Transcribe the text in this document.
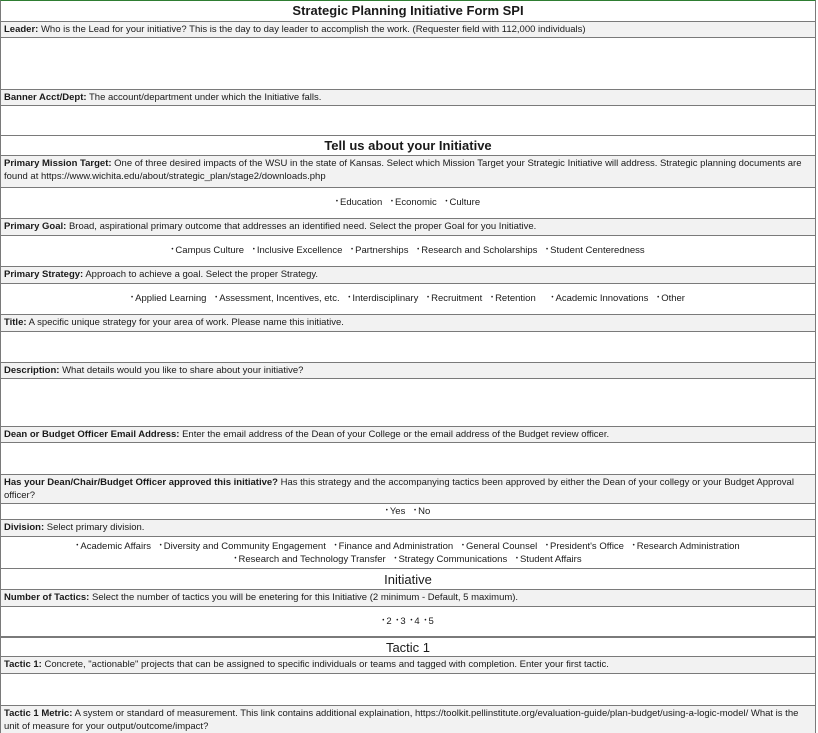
Strategic Planning Initiative Form SPI
Leader: Who is the Lead for your initiative? This is the day to day leader to accomplish the work. (Requester field with 112,000 individuals)
Banner Acct/Dept: The account/department under which the Initiative falls.
Tell us about your Initiative
Primary Mission Target: One of three desired impacts of the WSU in the state of Kansas. Select which Mission Target your Strategic Initiative will address. Strategic planning documents are found at https://www.wichita.edu/about/strategic_plan/stage2/downloads.php
• Education • Economic • Culture
Primary Goal: Broad, aspirational primary outcome that addresses an identified need. Select the proper Goal for you Initiative.
• Campus Culture • Inclusive Excellence • Partnerships • Research and Scholarships • Student Centeredness
Primary Strategy: Approach to achieve a goal. Select the proper Strategy.
• Applied Learning • Assessment, Incentives, etc. • Interdisciplinary • Recruitment • Retention • Academic Innovations • Other
Title: A specific unique strategy for your area of work. Please name this initiative.
Description: What details would you like to share about your initiative?
Dean or Budget Officer Email Address: Enter the email address of the Dean of your College or the email address of the Budget review officer.
Has your Dean/Chair/Budget Officer approved this initiative? Has this strategy and the accompanying tactics been approved by either the Dean of your collegy or your Budget Approval officer?
• Yes • No
Division: Select primary division.
• Academic Affairs • Diversity and Community Engagement • Finance and Administration • General Counsel • President's Office • Research Administration
• Research and Technology Transfer • Strategy Communications • Student Affairs
Initiative
Number of Tactics: Select the number of tactics you will be enetering for this Initiative (2 minimum - Default, 5 maximum).
• 2 • 3 • 4 • 5
Tactic 1
Tactic 1: Concrete, "actionable" projects that can be assigned to specific individuals or teams and tagged with completion. Enter your first tactic.
Tactic 1 Metric: A system or standard of measurement. This link contains additional explaination, https://toolkit.pellinstitute.org/evaluation-guide/plan-budget/using-a-logic-model/ What is the unit of measure for your output/outcome/impact?
